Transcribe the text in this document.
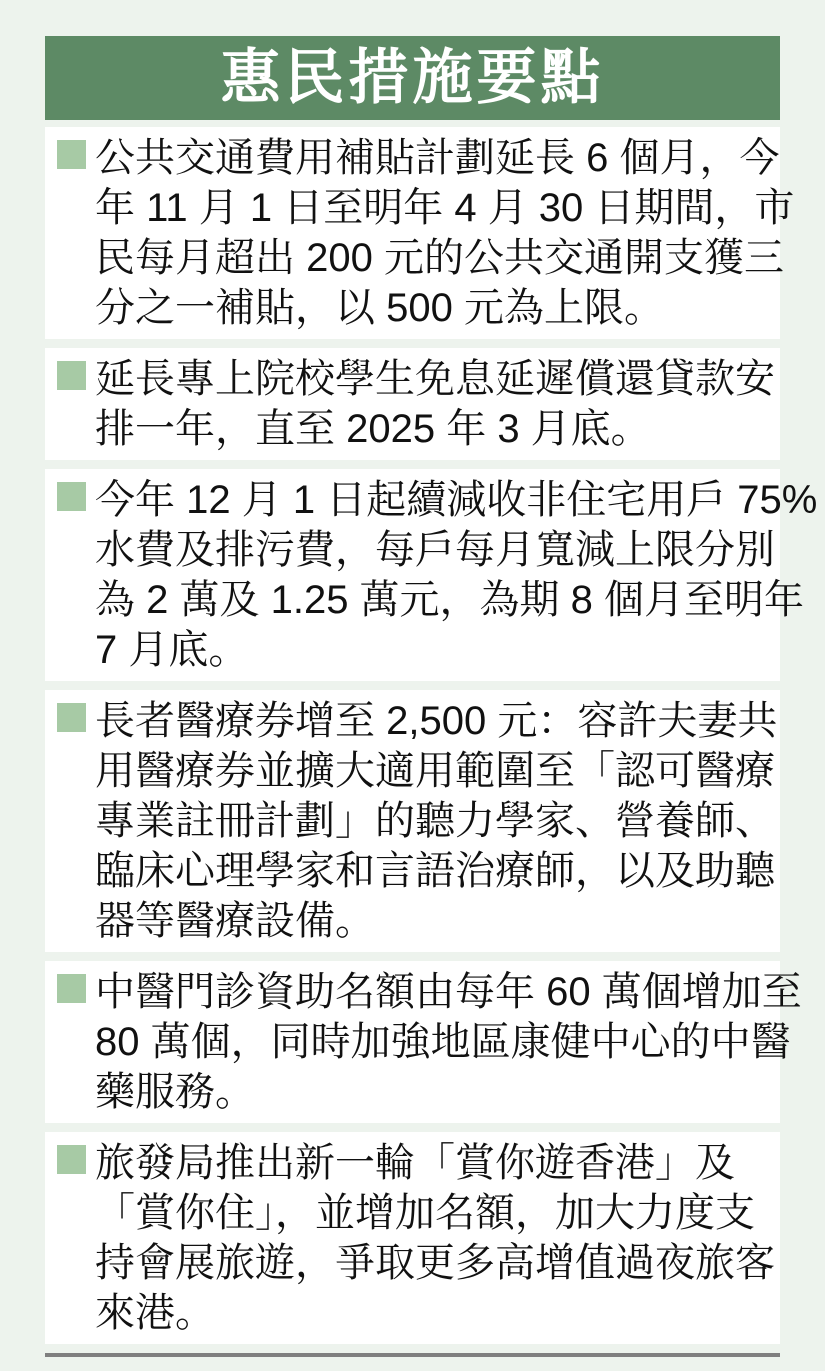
惠民措施要點
公共交通費用補貼計劃延長 6 個月，今
年 11 月 1 日至明年 4 月 30 日期間，市
民每月超出 200 元的公共交通開支獲三
分之一補貼，以 500 元為上限。
延長專上院校學生免息延遲償還貸款安
排一年，直至 2025 年 3 月底。
今年 12 月 1 日起續減收非住宅用戶 75%
水費及排污費，每戶每月寬減上限分別
為 2 萬及 1.25 萬元，為期 8 個月至明年
7 月底。
長者醫療券增至 2,500 元：容許夫妻共
用醫療券並擴大適用範圍至「認可醫療
專業註冊計劃」的聽力學家、營養師、
臨床心理學家和言語治療師，以及助聽
器等醫療設備。
中醫門診資助名額由每年 60 萬個增加至
80 萬個，同時加強地區康健中心的中醫
藥服務。
旅發局推出新一輪「賞你遊香港」及
「賞你住」，並增加名額，加大力度支
持會展旅遊，爭取更多高增值過夜旅客
來港。
